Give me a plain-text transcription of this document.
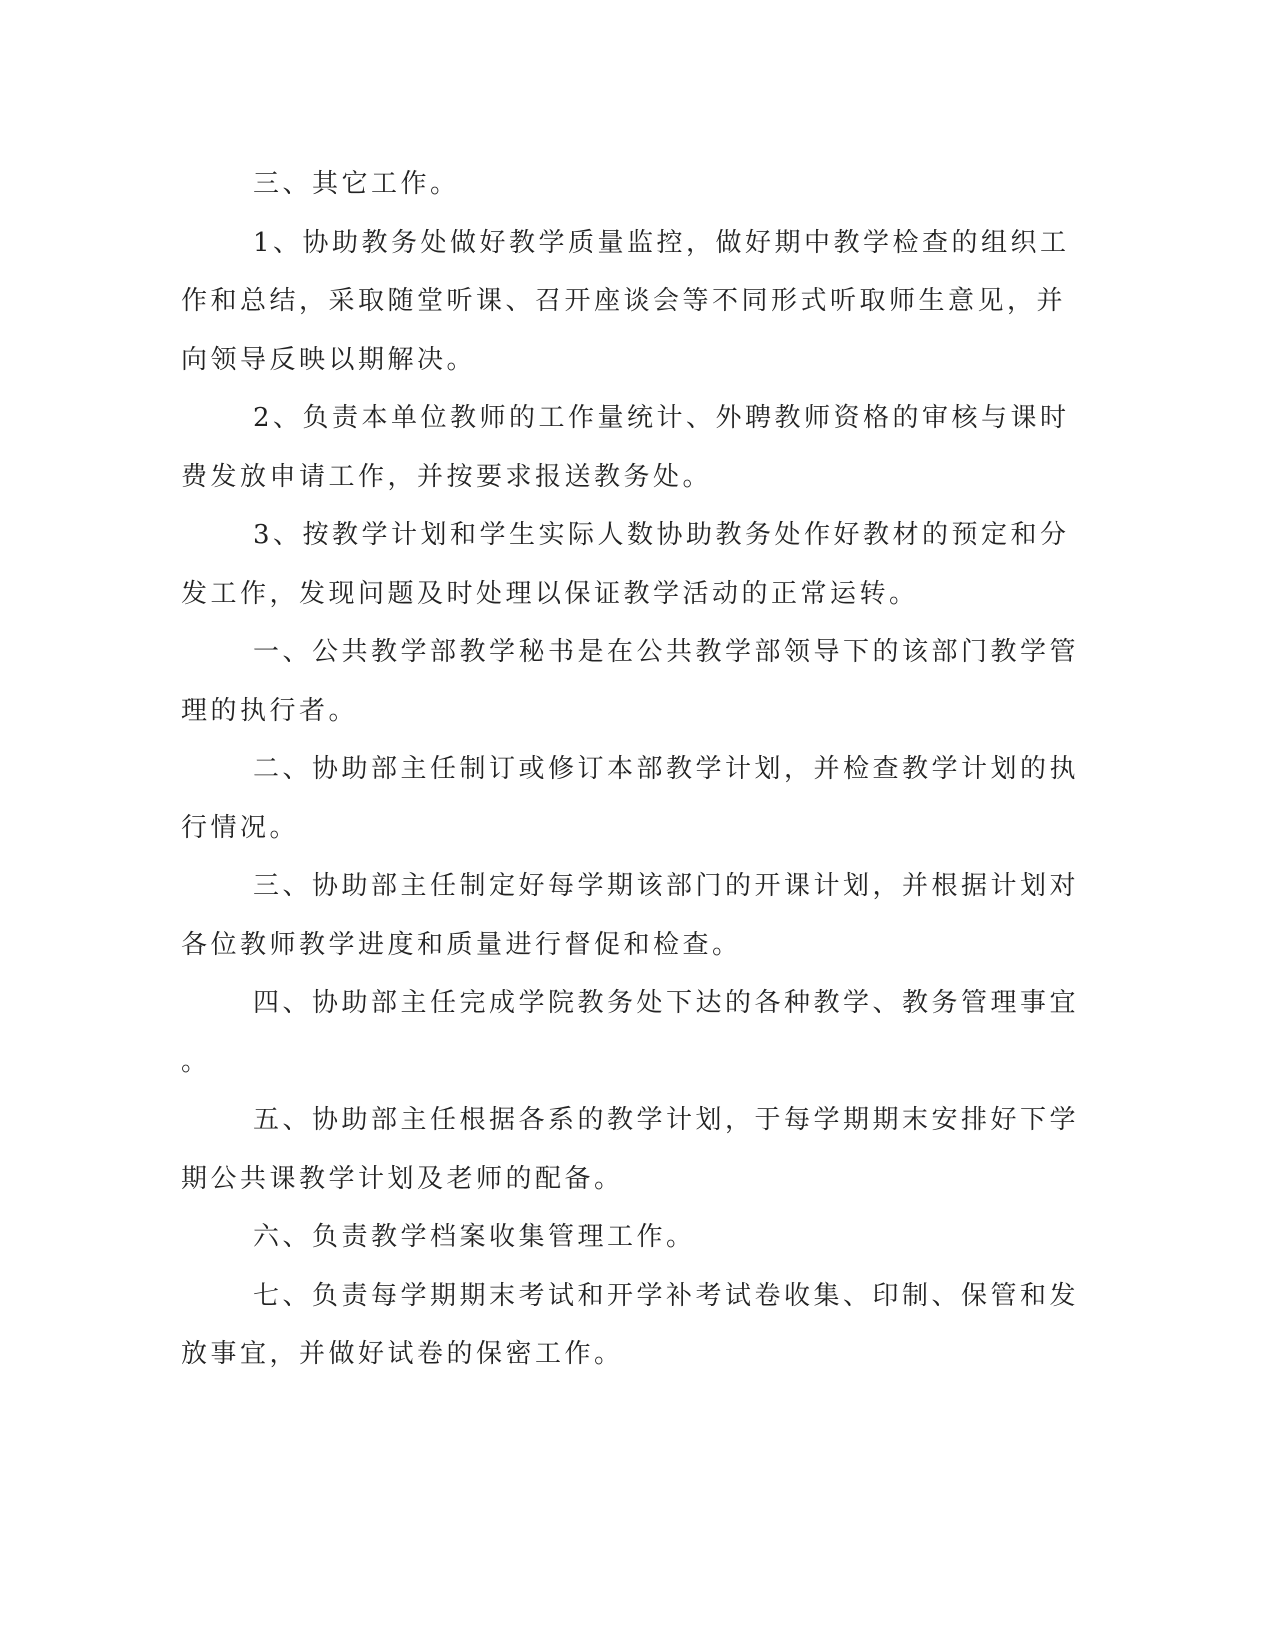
三、其它工作。
1、协助教务处做好教学质量监控，做好期中教学检查的组织工
作和总结，采取随堂听课、召开座谈会等不同形式听取师生意见，并
向领导反映以期解决。
2、负责本单位教师的工作量统计、外聘教师资格的审核与课时
费发放申请工作，并按要求报送教务处。
3、按教学计划和学生实际人数协助教务处作好教材的预定和分
发工作，发现问题及时处理以保证教学活动的正常运转。
一、公共教学部教学秘书是在公共教学部领导下的该部门教学管
理的执行者。
二、协助部主任制订或修订本部教学计划，并检查教学计划的执
行情况。
三、协助部主任制定好每学期该部门的开课计划，并根据计划对
各位教师教学进度和质量进行督促和检查。
四、协助部主任完成学院教务处下达的各种教学、教务管理事宜
。
五、协助部主任根据各系的教学计划，于每学期期末安排好下学
期公共课教学计划及老师的配备。
六、负责教学档案收集管理工作。
七、负责每学期期末考试和开学补考试卷收集、印制、保管和发
放事宜，并做好试卷的保密工作。
